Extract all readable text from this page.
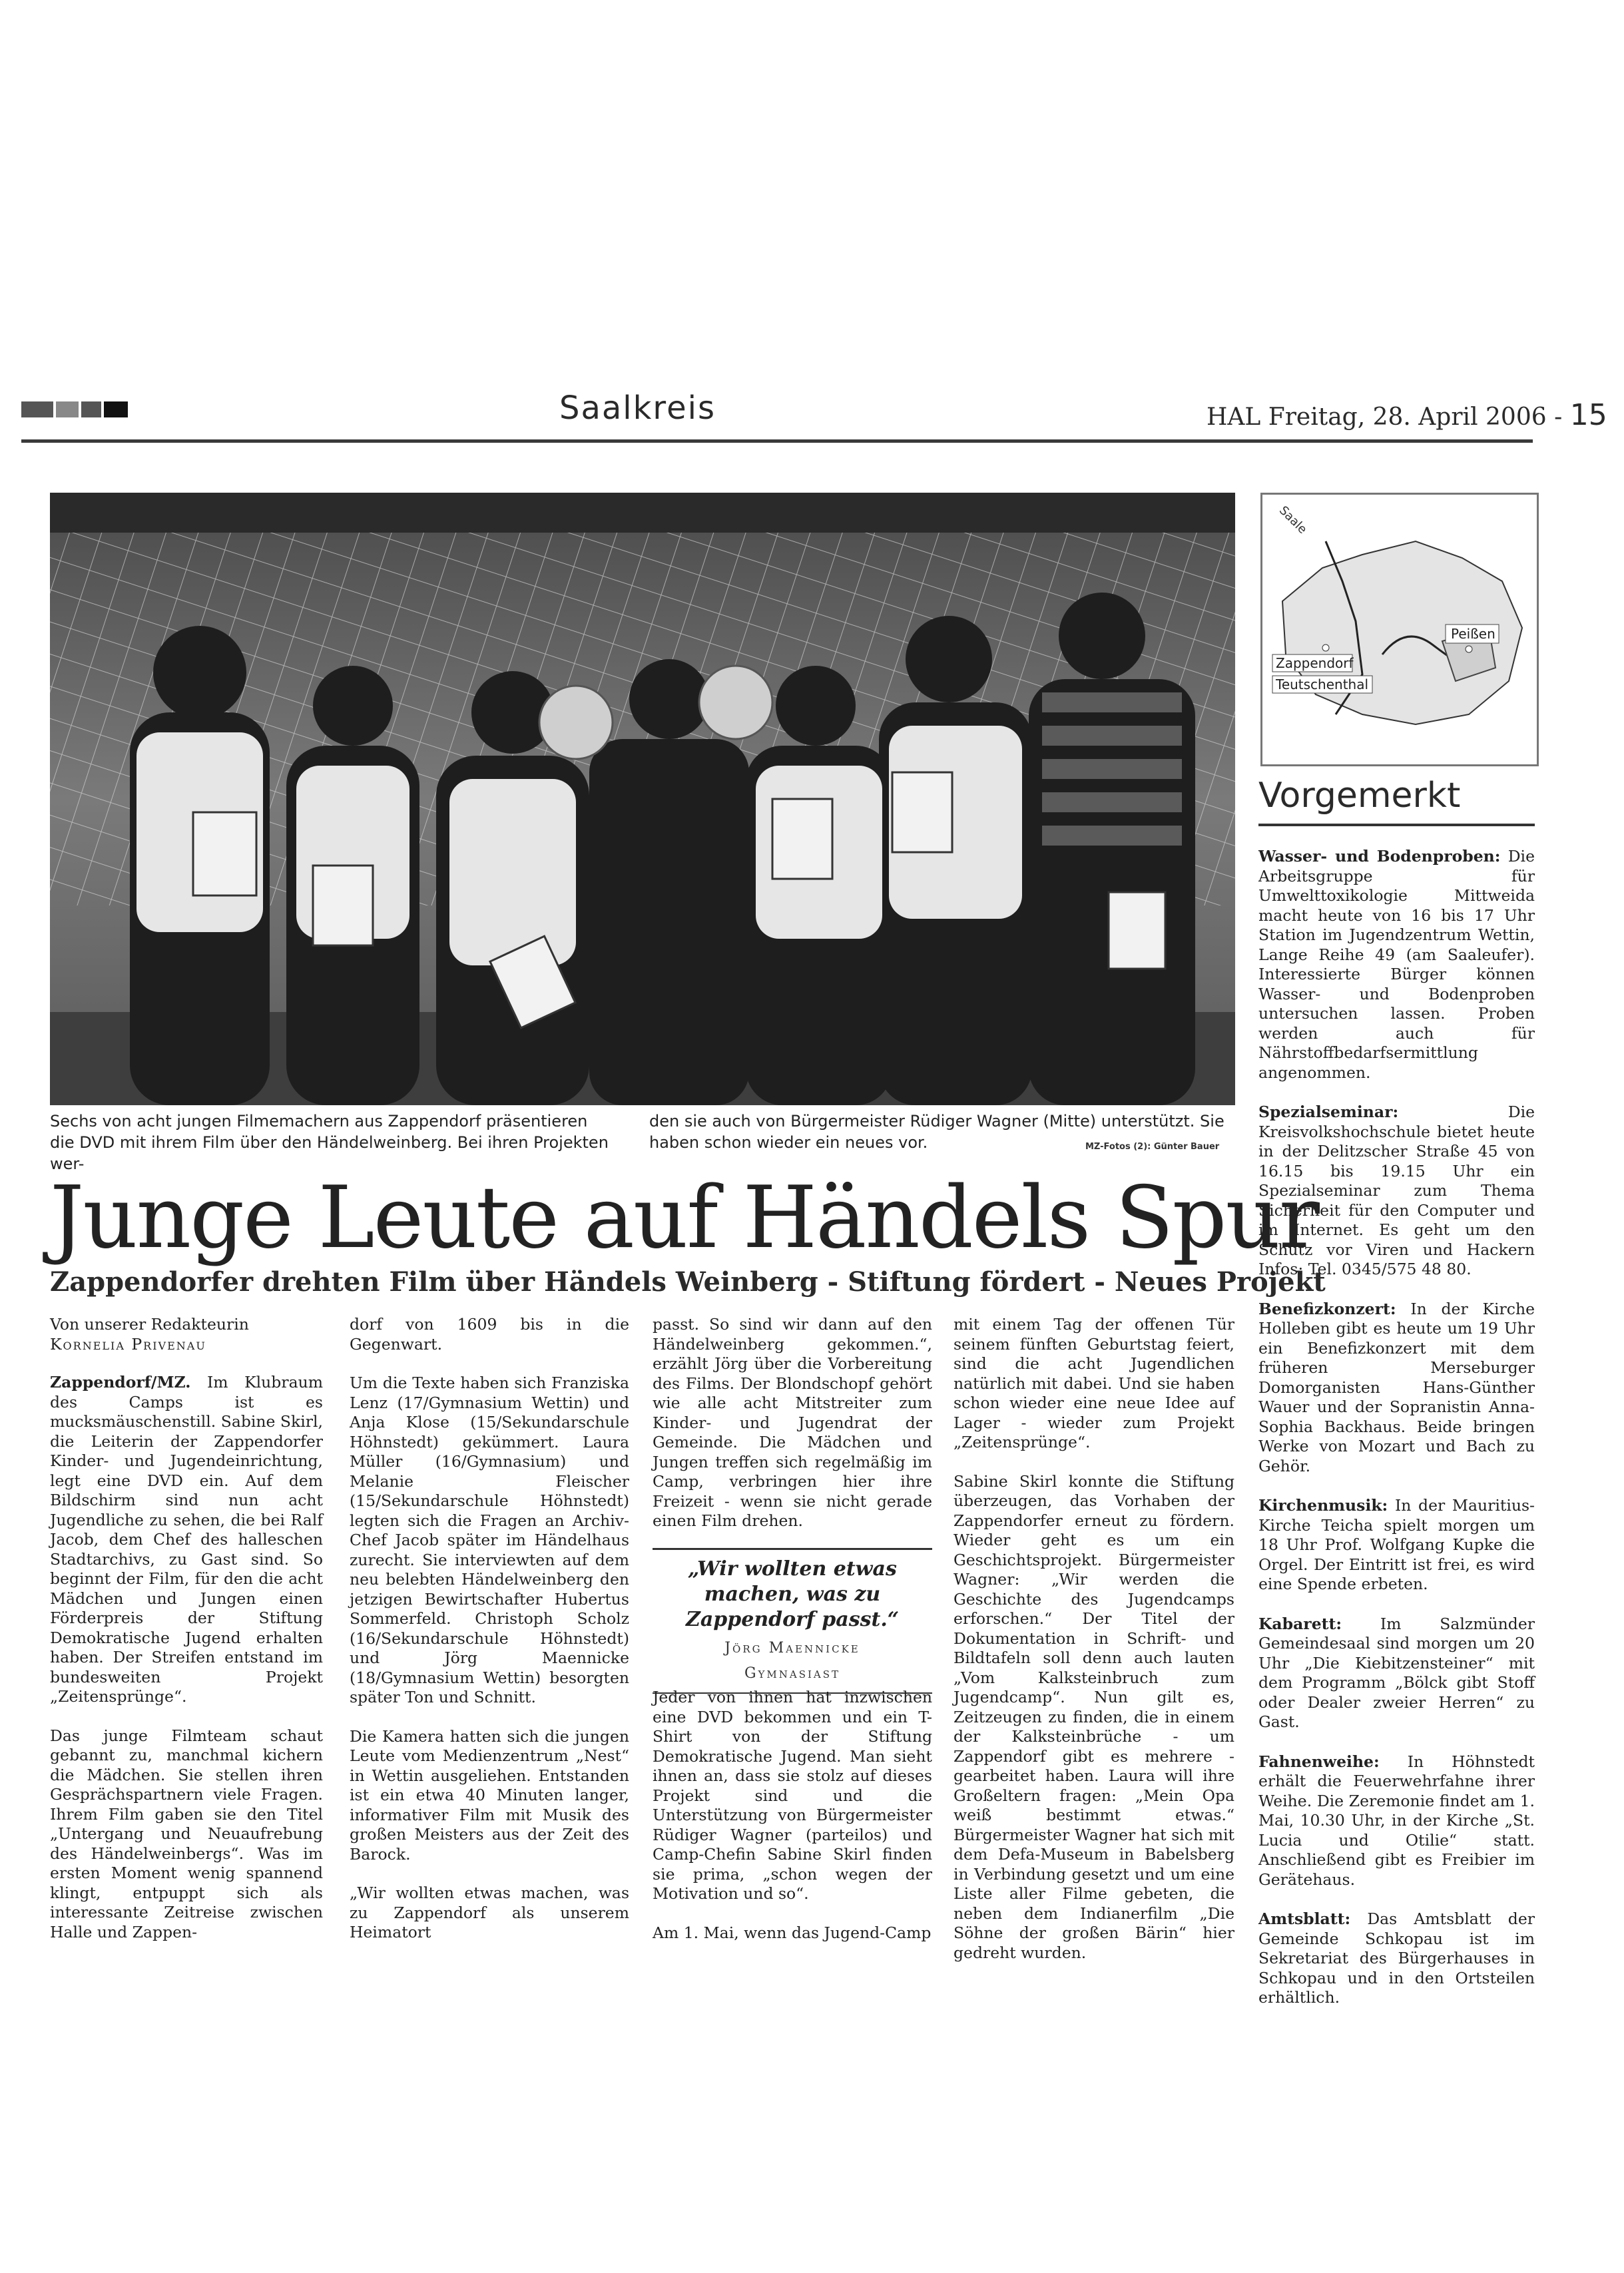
Saalkreis	HAL Freitag, 28. April 2006 - 15
Sechs von acht jungen Filmemachern aus Zappendorf präsentieren die DVD mit ihrem Film über den Händelweinberg. Bei ihren Projekten wer-
den sie auch von Bürgermeister Rüdiger Wagner (Mitte) unterstützt. Sie haben schon wieder ein neues vor.	MZ-Fotos (2): Günter Bauer
Junge Leute auf Händels Spur
Zappendorfer drehten Film über Händels Weinberg - Stiftung fördert - Neues Projekt

Von unserer Redakteurin
Kornelia Privenau

Zappendorf/MZ. Im Klubraum des Camps ist es mucksmäuschenstill. Sabine Skirl, die Leiterin der Zappendorfer Kinder- und Jugendeinrichtung, legt eine DVD ein. Auf dem Bildschirm sind nun acht Jugendliche zu sehen, die bei Ralf Jacob, dem Chef des halleschen Stadtarchivs, zu Gast sind. So beginnt der Film, für den die acht Mädchen und Jungen einen Förderpreis der Stiftung Demokratische Jugend erhalten haben. Der Streifen entstand im bundesweiten Projekt „Zeitensprünge“.

Das junge Filmteam schaut gebannt zu, manchmal kichern die Mädchen. Sie stellen ihren Gesprächspartnern viele Fragen. Ihrem Film gaben sie den Titel „Untergang und Neuaufrebung des Händelweinbergs“. Was im ersten Moment wenig spannend klingt, entpuppt sich als interessante Zeitreise zwischen Halle und Zappen-

dorf von 1609 bis in die Gegenwart.

Um die Texte haben sich Franziska Lenz (17/Gymnasium Wettin) und Anja Klose (15/Sekundarschule Höhnstedt) gekümmert. Laura Müller (16/Gymnasium) und Melanie Fleischer (15/Sekundarschule Höhnstedt) legten sich die Fragen an Archiv-Chef Jacob später im Händelhaus zurecht. Sie interviewten auf dem neu belebten Händelweinberg den jetzigen Bewirtschafter Hubertus Sommerfeld. Christoph Scholz (16/Sekundarschule Höhnstedt) und Jörg Maennicke (18/Gymnasium Wettin) besorgten später Ton und Schnitt.

Die Kamera hatten sich die jungen Leute vom Medienzentrum „Nest“ in Wettin ausgeliehen. Entstanden ist ein etwa 40 Minuten langer, informativer Film mit Musik des großen Meisters aus der Zeit des Barock.

„Wir wollten etwas machen, was zu Zappendorf als unserem Heimatort

passt. So sind wir dann auf den Händelweinberg gekommen.“, erzählt Jörg über die Vorbereitung des Films. Der Blondschopf gehört wie alle acht Mitstreiter zum Kinder- und Jugendrat der Gemeinde. Die Mädchen und Jungen treffen sich regelmäßig im Camp, verbringen hier ihre Freizeit - wenn sie nicht gerade einen Film drehen.

„Wir wollten etwas machen, was zu Zappendorf passt.“
Jörg Maennicke
Gymnasiast

Jeder von ihnen hat inzwischen eine DVD bekommen und ein T-Shirt von der Stiftung Demokratische Jugend. Man sieht ihnen an, dass sie stolz auf dieses Projekt sind und die Unterstützung von Bürgermeister Rüdiger Wagner (parteilos) und Camp-Chefin Sabine Skirl finden sie prima, „schon wegen der Motivation und so“.

Am 1. Mai, wenn das Jugend-Camp

mit einem Tag der offenen Tür seinem fünften Geburtstag feiert, sind die acht Jugendlichen natürlich mit dabei. Und sie haben schon wieder eine neue Idee auf Lager - wieder zum Projekt „Zeitensprünge“.

Sabine Skirl konnte die Stiftung überzeugen, das Vorhaben der Zappendorfer erneut zu fördern. Wieder geht es um ein Geschichtsprojekt. Bürgermeister Wagner: „Wir werden die Geschichte des Jugendcamps erforschen.“ Der Titel der Dokumentation in Schrift- und Bildtafeln soll denn auch lauten „Vom Kalksteinbruch zum Jugendcamp“. Nun gilt es, Zeitzeugen zu finden, die in einem der Kalksteinbrüche - um Zappendorf gibt es mehrere - gearbeitet haben. Laura will ihre Großeltern fragen: „Mein Opa weiß bestimmt etwas.“ Bürgermeister Wagner hat sich mit dem Defa-Museum in Babelsberg in Verbindung gesetzt und um eine Liste aller Filme gebeten, die neben dem Indianerfilm „Die Söhne der großen Bärin“ hier gedreht wurden.

Saale
Peißen
Zappendorf
Teutschenthal
Vorgemerkt

Wasser- und Bodenproben: Die Arbeitsgruppe für Umwelttoxikologie Mittweida macht heute von 16 bis 17 Uhr Station im Jugendzentrum Wettin, Lange Reihe 49 (am Saaleufer). Interessierte Bürger können Wasser- und Bodenproben untersuchen lassen. Proben werden auch für Nährstoffbedarfsermittlung angenommen.

Spezialseminar:	Die Kreisvolkshochschule bietet heute in der Delitzscher Straße 45 von 16.15 bis 19.15 Uhr ein Spezialseminar zum Thema Sicherheit für den Computer und im Internet. Es geht um den Schutz vor Viren und Hackern Infos: Tel. 0345/575 48 80.

Benefizkonzert: In der Kirche Holleben gibt es heute um 19 Uhr ein Benefizkonzert mit dem früheren Merseburger Domorganisten Hans-Günther Wauer und der Sopranistin Anna-Sophia Backhaus. Beide bringen Werke von Mozart und Bach zu Gehör.

Kirchenmusik: In der Mauritius-Kirche Teicha spielt morgen um 18 Uhr Prof. Wolfgang Kupke die Orgel. Der Eintritt ist frei, es wird eine Spende erbeten.

Kabarett: Im Salzmünder Gemeindesaal sind morgen um 20 Uhr „Die Kiebitzensteiner“ mit dem Programm „Bölck gibt Stoff oder Dealer zweier Herren“ zu Gast.

Fahnenweihe: In Höhnstedt erhält die Feuerwehrfahne ihrer Weihe. Die Zeremonie findet am 1. Mai, 10.30 Uhr, in der Kirche „St. Lucia und Otilie“ statt. Anschließend gibt es Freibier im Gerätehaus.

Amtsblatt: Das Amtsblatt der Gemeinde Schkopau ist im Sekretariat des Bürgerhauses in Schkopau und in den Ortsteilen erhältlich.
